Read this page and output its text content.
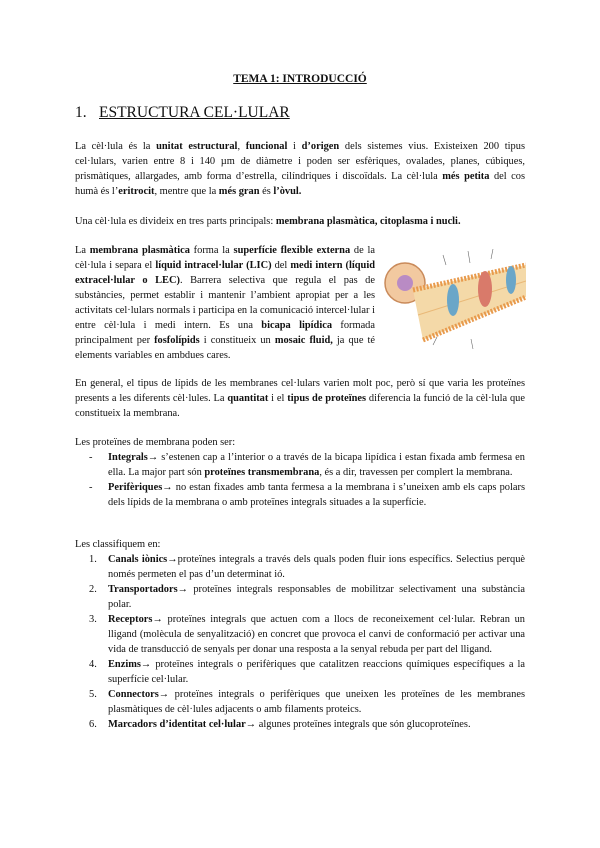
TEMA 1: INTRODUCCIÓ
1. ESTRUCTURA CEL·LULAR

La cèl·lula és la unitat estructural, funcional i d’origen dels sistemes vius. Existeixen 200 tipus cel·lulars, varien entre 8 i 140 µm de diàmetre i poden ser esfèriques, ovalades, planes, cúbiques, prismàtiques, allargades, amb forma d’estrella, cilíndriques i discoïdals. La cèl·lula més petita del cos humà és l’eritrocit, mentre que la més gran és l’òvul.

Una cèl·lula es divideix en tres parts principals: membrana plasmàtica, citoplasma i nucli.

La membrana plasmàtica forma la superfície flexible externa de la cèl·lula i separa el líquid intracel·lular (LIC) del medi intern (líquid extracel·lular o LEC). Barrera selectiva que regula el pas de substàncies, permet establir i mantenir l’ambient apropiat per a les activitats cel·lulars normals i participa en la comunicació intercel·lular i entre cèl·lula i medi intern. Es una bicapa lipídica formada principalment per fosfolípids i constitueix un mosaic fluid, ja que té elements variables en ambdues cares.

En general, el tipus de lípids de les membranes cel·lulars varien molt poc, però sí que varia les proteïnes presents a les diferents cèl·lules. La quantitat i el tipus de proteïnes diferencia la funció de la cèl·lula que constitueix la membrana.

Les proteïnes de membrana poden ser:

- Integrals→ s’estenen cap a l’interior o a través de la bicapa lipídica i estan fixada amb fermesa en ella. La major part són proteïnes transmembrana, és a dir, travessen per complert la membrana.
- Perifèriques→ no estan fixades amb tanta fermesa a la membrana i s’uneixen amb els caps polars dels lípids de la membrana o amb proteïnes integrals situades a la superfície.

Les classifiquem en:

1. Canals iònics→proteïnes integrals a través dels quals poden fluir ions específics. Selectius perquè només permeten el pas d’un determinat ió.
2. Transportadors→ proteïnes integrals responsables de mobilitzar selectivament una substància polar.
3. Receptors→ proteïnes integrals que actuen com a llocs de reconeixement cel·lular. Rebran un lligand (molècula de senyalització) en concret que provoca el canvi de conformació per activar una vida de transducció de senyals per donar una resposta a la senyal rebuda per part del lligand.
4. Enzims→ proteïnes integrals o perifèriques que catalitzen reaccions químiques específiques a la superfície cel·lular.
5. Connectors→ proteïnes integrals o perifèriques que uneixen les proteïnes de les membranes plasmàtiques de cèl·lules adjacents o amb filaments proteics.
6. Marcadors d’identitat cel·lular→ algunes proteïnes integrals que són glucoproteïnes.
